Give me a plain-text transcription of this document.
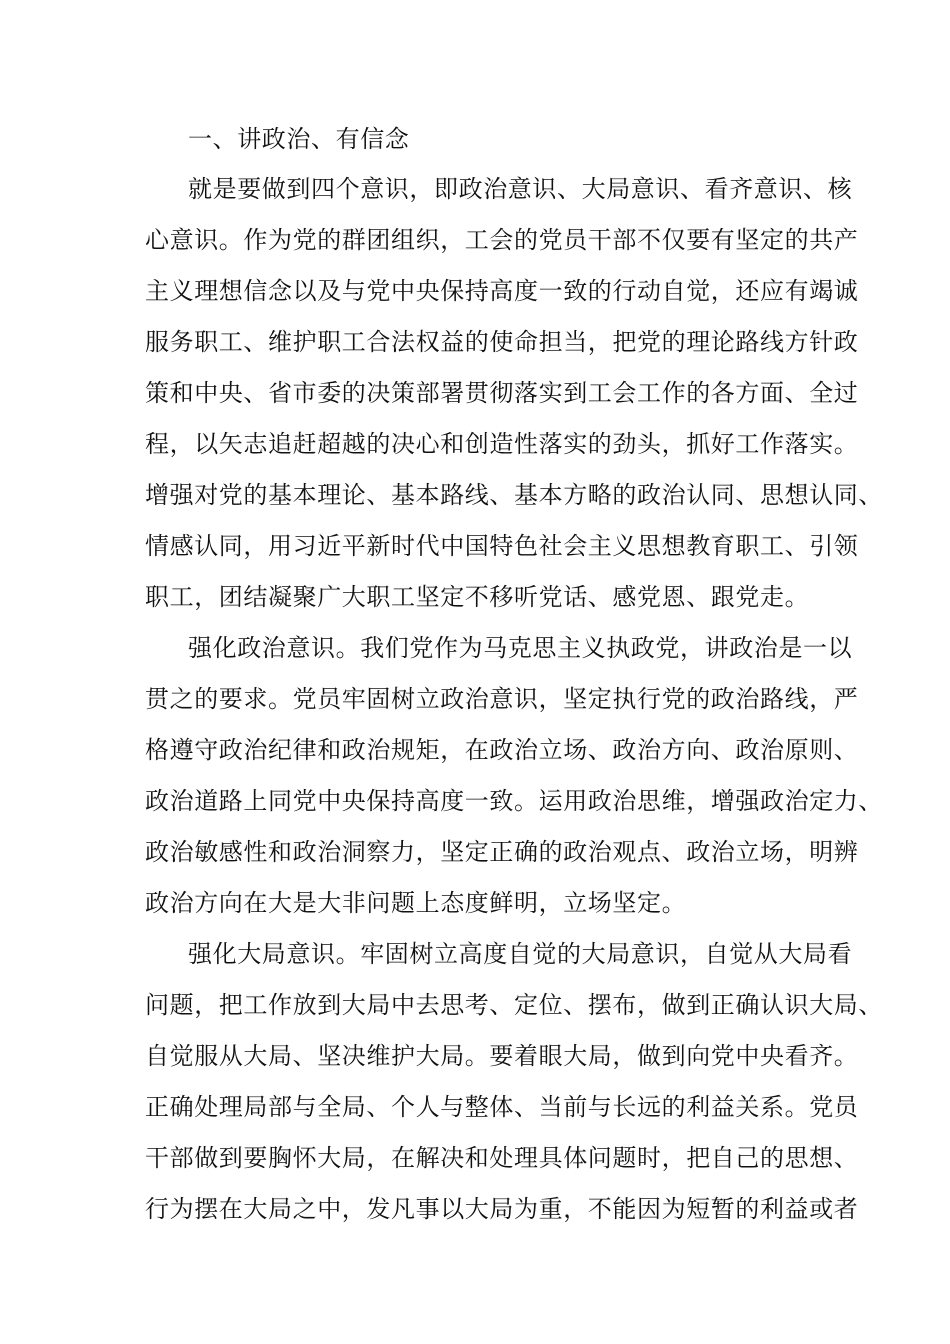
一、讲政治、有信念
就是要做到四个意识，即政治意识、大局意识、看齐意识、核
心意识。作为党的群团组织，工会的党员干部不仅要有坚定的共产
主义理想信念以及与党中央保持高度一致的行动自觉，还应有竭诚
服务职工、维护职工合法权益的使命担当，把党的理论路线方针政
策和中央、省市委的决策部署贯彻落实到工会工作的各方面、全过
程，以矢志追赶超越的决心和创造性落实的劲头，抓好工作落实。
增强对党的基本理论、基本路线、基本方略的政治认同、思想认同、
情感认同，用习近平新时代中国特色社会主义思想教育职工、引领
职工，团结凝聚广大职工坚定不移听党话、感党恩、跟党走。
强化政治意识。我们党作为马克思主义执政党，讲政治是一以
贯之的要求。党员牢固树立政治意识，坚定执行党的政治路线，严
格遵守政治纪律和政治规矩，在政治立场、政治方向、政治原则、
政治道路上同党中央保持高度一致。运用政治思维，增强政治定力、
政治敏感性和政治洞察力，坚定正确的政治观点、政治立场，明辨
政治方向在大是大非问题上态度鲜明，立场坚定。
强化大局意识。牢固树立高度自觉的大局意识，自觉从大局看
问题，把工作放到大局中去思考、定位、摆布，做到正确认识大局、
自觉服从大局、坚决维护大局。要着眼大局，做到向党中央看齐。
正确处理局部与全局、个人与整体、当前与长远的利益关系。党员
干部做到要胸怀大局，在解决和处理具体问题时，把自己的思想、
行为摆在大局之中，发凡事以大局为重，不能因为短暂的利益或者
